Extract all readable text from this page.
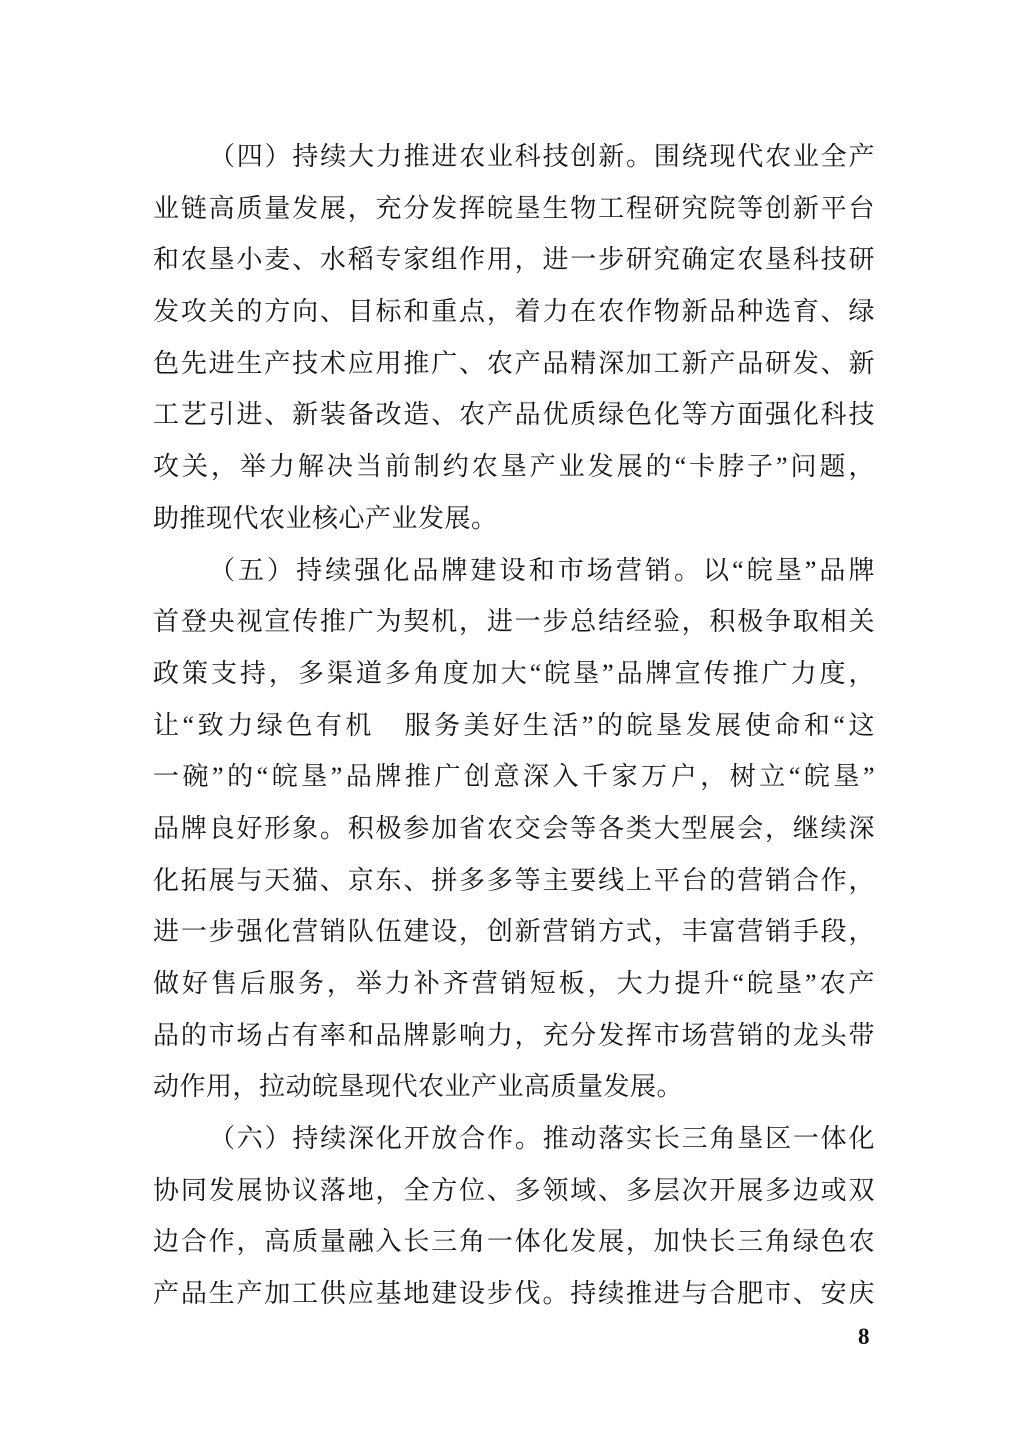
（四）持续大力推进农业科技创新。围绕现代农业全产
业链高质量发展，充分发挥皖垦生物工程研究院等创新平台
和农垦小麦、水稻专家组作用，进一步研究确定农垦科技研
发攻关的方向、目标和重点，着力在农作物新品种选育、绿
色先进生产技术应用推广、农产品精深加工新产品研发、新
工艺引进、新装备改造、农产品优质绿色化等方面强化科技
攻关，举力解决当前制约农垦产业发展的“卡脖子”问题，
助推现代农业核心产业发展。
（五）持续强化品牌建设和市场营销。以“皖垦”品牌
首登央视宣传推广为契机，进一步总结经验，积极争取相关
政策支持，多渠道多角度加大“皖垦”品牌宣传推广力度，
让“致力绿色有机　服务美好生活”的皖垦发展使命和“这
一碗”的“皖垦”品牌推广创意深入千家万户，树立“皖垦”
品牌良好形象。积极参加省农交会等各类大型展会，继续深
化拓展与天猫、京东、拼多多等主要线上平台的营销合作，
进一步强化营销队伍建设，创新营销方式，丰富营销手段，
做好售后服务，举力补齐营销短板，大力提升“皖垦”农产
品的市场占有率和品牌影响力，充分发挥市场营销的龙头带
动作用，拉动皖垦现代农业产业高质量发展。
（六）持续深化开放合作。推动落实长三角垦区一体化
协同发展协议落地，全方位、多领域、多层次开展多边或双
边合作，高质量融入长三角一体化发展，加快长三角绿色农
产品生产加工供应基地建设步伐。持续推进与合肥市、安庆
8
